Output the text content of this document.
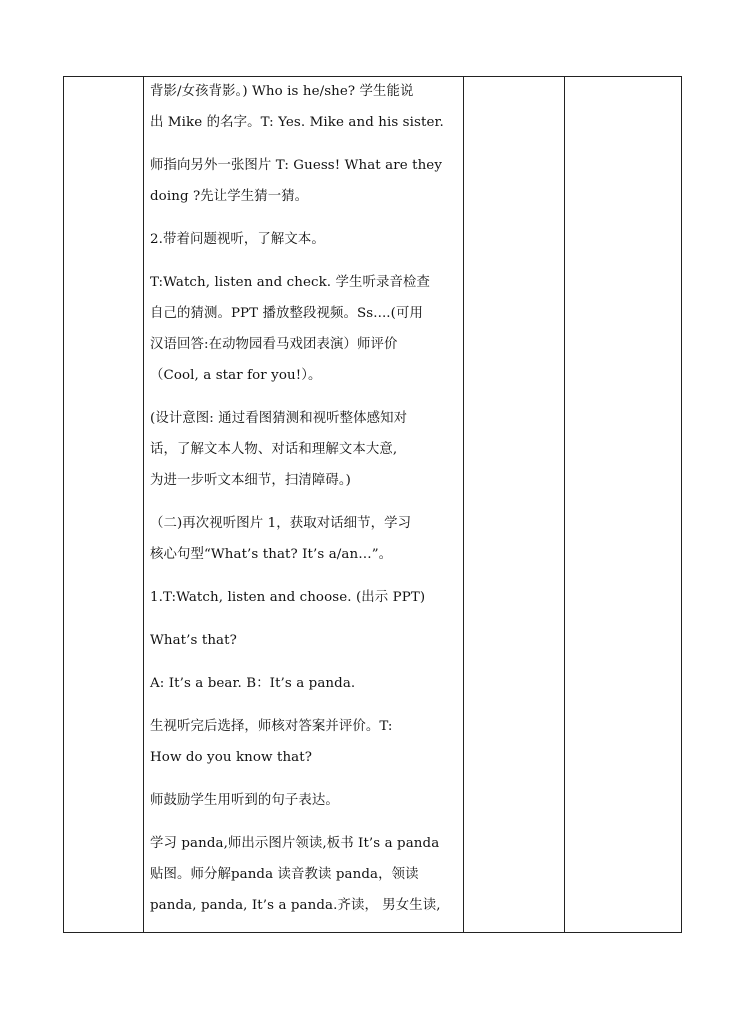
背影/女孩背影。) Who is he/she? 学生能说
出 Mike 的名字。T: Yes. Mike and his sister.

师指向另外一张图片 T: Guess! What are they
doing ?先让学生猜一猜。

2.带着问题视听，了解文本。

T:Watch, listen and check. 学生听录音检查
自己的猜测。PPT 播放整段视频。Ss....(可用
汉语回答:在动物园看马戏团表演）师评价
（Cool, a star for you!）。

(设计意图: 通过看图猜测和视听整体感知对
话，了解文本人物、对话和理解文本大意,
为进一步听文本细节，扫清障碍。)

（二)再次视听图片 1，获取对话细节，学习
核心句型“What’s that? It’s a/an…”。

1.T:Watch, listen and choose. (出示 PPT)

What’s that?

A: It’s a bear. B：It’s a panda.

生视听完后选择，师核对答案并评价。T:
How do you know that?

师鼓励学生用听到的句子表达。

学习 panda,师出示图片领读,板书 It’s a panda
贴图。师分解panda 读音教读 panda，领读
panda, panda, It’s a panda.齐读， 男女生读,
